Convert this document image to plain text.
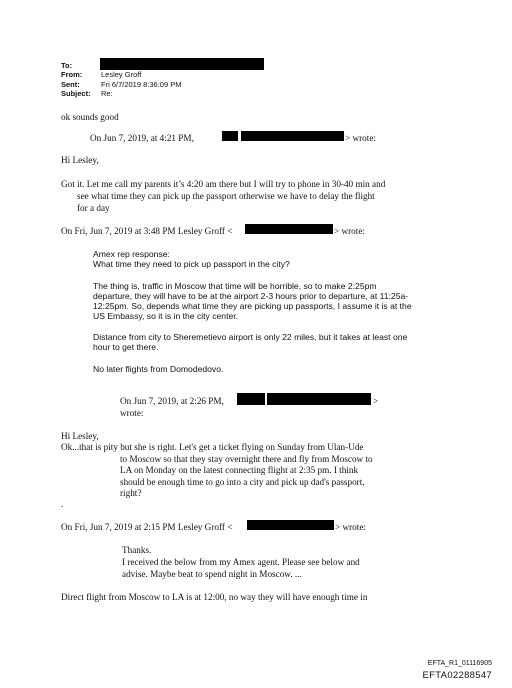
To:
From:	Lesley Groff
Sent:	Fri 6/7/2019 8:36:09 PM
Subject: Re:
ok sounds good
On Jun 7, 2019, at 4:21 PM,	> wrote:
Hi Lesley,

Got it. Let me call my parents it’s 4:20 am there but I will try to phone in 30-40 min and

see what time they can pick up the passport otherwise we have to delay the flight

for a day

On Fri, Jun 7, 2019 at 3:48 PM Lesley Groff <	> wrote:
Amex rep response:
What time they need to pick up passport in the city?
The thing is, traffic in Moscow that time will be horrible, so to make 2:25pm
departure, they will have to be at the airport 2-3 hours prior to departure, at 11:25a-
12:25pm. So, depends what time they are picking up passports, I assume it is at the
US Embassy, so it is in the city center.
Distance from city to Sheremetievo airport is only 22 miles, but it takes at least one
hour to get there.
No later flights from Domodedovo.
On Jun 7, 2019, at 2:26 PM,	>
wrote:
Hi Lesley,
Ok...that is pity but she is right. Let's get a ticket flying on Sunday from Ulan-Ude
to Moscow so that they stay overnight there and fly from Moscow to
LA on Monday on the latest connecting flight at 2:35 pm. I think
should be enough time to go into a city and pick up dad's passport,
right?
.
On Fri, Jun 7, 2019 at 2:15 PM Lesley Groff <	> wrote:
Thanks.
I received the below from my Amex agent. Please see below and
advise. Maybe beat to spend night in Moscow. ...
Direct flight from Moscow to LA is at 12:00, no way they will have enough time in
EFTA_R1_01116905
EFTA02288547
